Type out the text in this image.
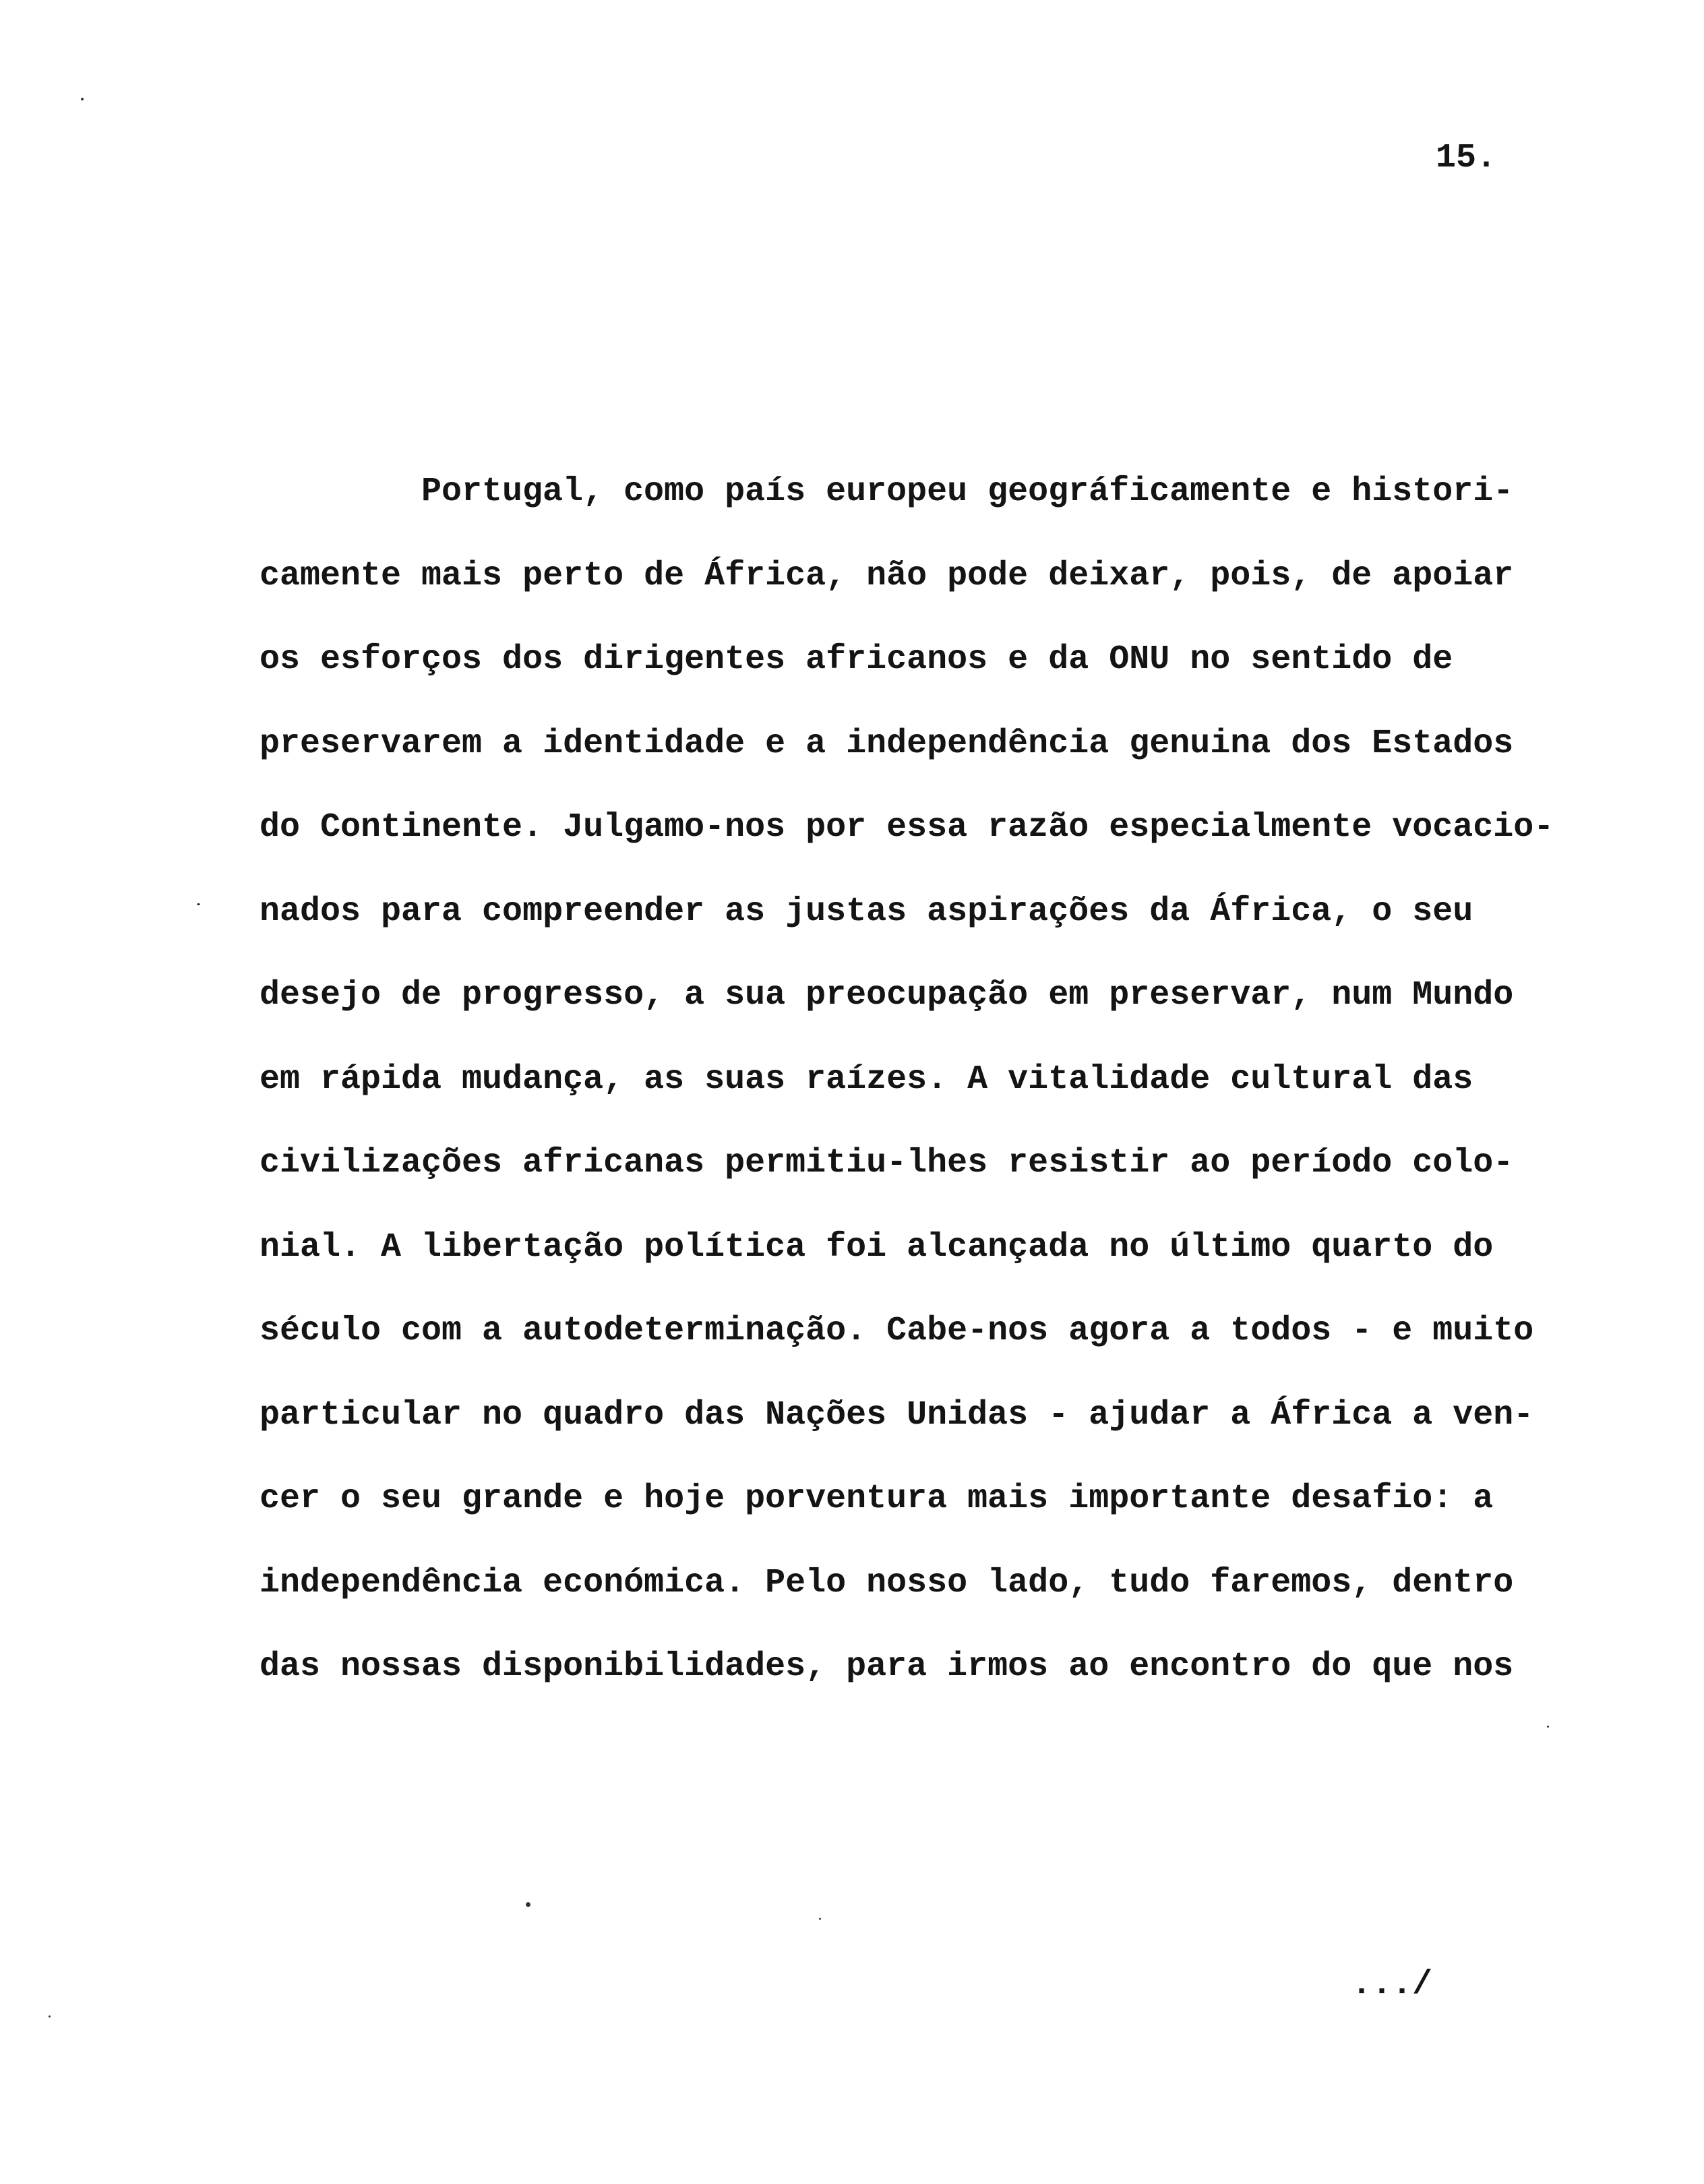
15.
Portugal, como país europeu geográficamente e histori-
camente mais perto de África, não pode deixar, pois, de apoiar
os esforços dos dirigentes africanos e da ONU no sentido de
preservarem a identidade e a independência genuina dos Estados
do Continente. Julgamo-nos por essa razão especialmente vocacio-
nados para compreender as justas aspirações da África, o seu
desejo de progresso, a sua preocupação em preservar, num Mundo
em rápida mudança, as suas raízes. A vitalidade cultural das
civilizações africanas permitiu-lhes resistir ao período colo-
nial. A libertação política foi alcançada no último quarto do
século com a autodeterminação. Cabe-nos agora a todos - e muito
particular no quadro das Nações Unidas - ajudar a África a ven-
cer o seu grande e hoje porventura mais importante desafio: a
independência económica. Pelo nosso lado, tudo faremos, dentro
das nossas disponibilidades, para irmos ao encontro do que nos
.../
